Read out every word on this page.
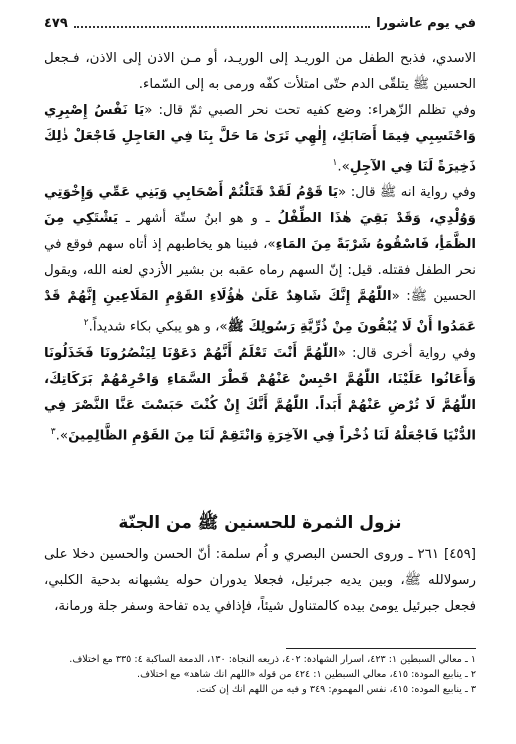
في يوم عاشورا
٤٧٩

الاسدي، فذبح الطفل من الوريـد إلى الوريـد، أو مـن الاذن إلى الاذن، فـجعل الحسين ﷺ يتلقّى الدم حتّى امتلأت كفّه ورمى به إلى السّماء.

وفي تظلم الزّهراء: وضع كفيه تحت نحر الصبي ثمّ قال: «يَا نَفْسُ إِصْبِرِي وَاحْتَسِبِي فِيمَا أَصَابَكِ، إِلٰهِي تَرَىٰ مَا حَلَّ بِنَا فِي العَاجِلِ فَاجْعَلْ ذٰلِكَ ذَخِيرَةً لَنَا فِي الآجِلِ».$^١$

وفي رواية انه ﷺ قال: «يَا قَوْمُ لَقَدْ قَتَلْتُمْ أَصْحَابِي وَبَنِي عَمِّي وَإِخْوَتِي وَوُلْدِي، وَقَدْ بَقِيَ هٰذَا الطِّفْلُ ـ و هو ابنُ ستّة أشهر ـ يَشْتَكِي مِنَ الظَّمَأِ، فَاسْقُوهُ شَرْبَةً مِنَ المَاءِ»، فبينا هو يخاطبهم إذ أتاه سهم فوقع في نحر الطفل فقتله. قيل: إنّ السهم رماه عقبه بن بشير الأزدي لعنه الله، ويقول الحسين ﷺ: «اللّٰهُمَّ إِنَّكَ شَاهِدٌ عَلَىٰ هٰؤُلَاءِ القَوْمِ المَلَاعِينِ إِنَّهُمْ قَدْ عَمَدُوا أَنْ لَا يُبْقُونَ مِنْ ذُرِّيَّةِ رَسُولِكَ ﷺ»، و هو يبكي بكاء شديداً.$^٢$

وفي رواية أخرى قال: «اللّٰهُمَّ أَنْتَ تَعْلَمُ أَنَّهُمْ دَعَوْنَا لِيَنْصُرُونَا فَخَذَلُونَا وَأَعَانُوا عَلَيْنَا، اللّٰهُمَّ احْبِسْ عَنْهُمْ قَطْرَ السَّمَاءِ وَاحْرِمْهُمْ بَرَكَاتِكَ، اللّٰهُمَّ لَا تُرْضِ عَنْهُمْ أَبَداً. اللّٰهُمَّ أَنَّكَ إِنْ كُنْتَ حَبَسْتَ عَنَّا النَّصْرَ فِي الدُّنْيَا فَاجْعَلْهُ لَنَا ذُخْراً فِي الآخِرَةِ وَانْتَقِمْ لَنَا مِنَ القَوْمِ الظَّالِمِينَ».$^٣$

نزول الثمرة للحسنين ﷺ من الجنّة

[٤٥٩] ٢٦١ ـ وروى الحسن البصري و اُم سلمة: أنّ الحسن والحسين دخلا على رسولالله ﷺ، وبين يديه جبرئيل، فجعلا يدوران حوله يشبهانه بدحية الكلبي، فجعل جبرئيل يومئ بيده كالمتناول شيئاً، فإذافي يده تفاحة وسفر جلة ورمانة،

١ ـ معالي السبطين ١: ٤٢٣، اسرار الشهادة: ٤٠٢، ذريعه النجاة: ١٣٠، الدمعة الساكبة ٤: ٣٣٥ مع اختلاف.
٢ ـ ينابيع المودة: ٤١٥، معالي السبطين ١: ٤٢٤ من قوله «اللهم انك شاهد» مع اختلاف.
٣ ـ ينابيع الموده: ٤١٥، نفس المهموم: ٣٤٩ و فيه من اللهم انك إن كنت.
